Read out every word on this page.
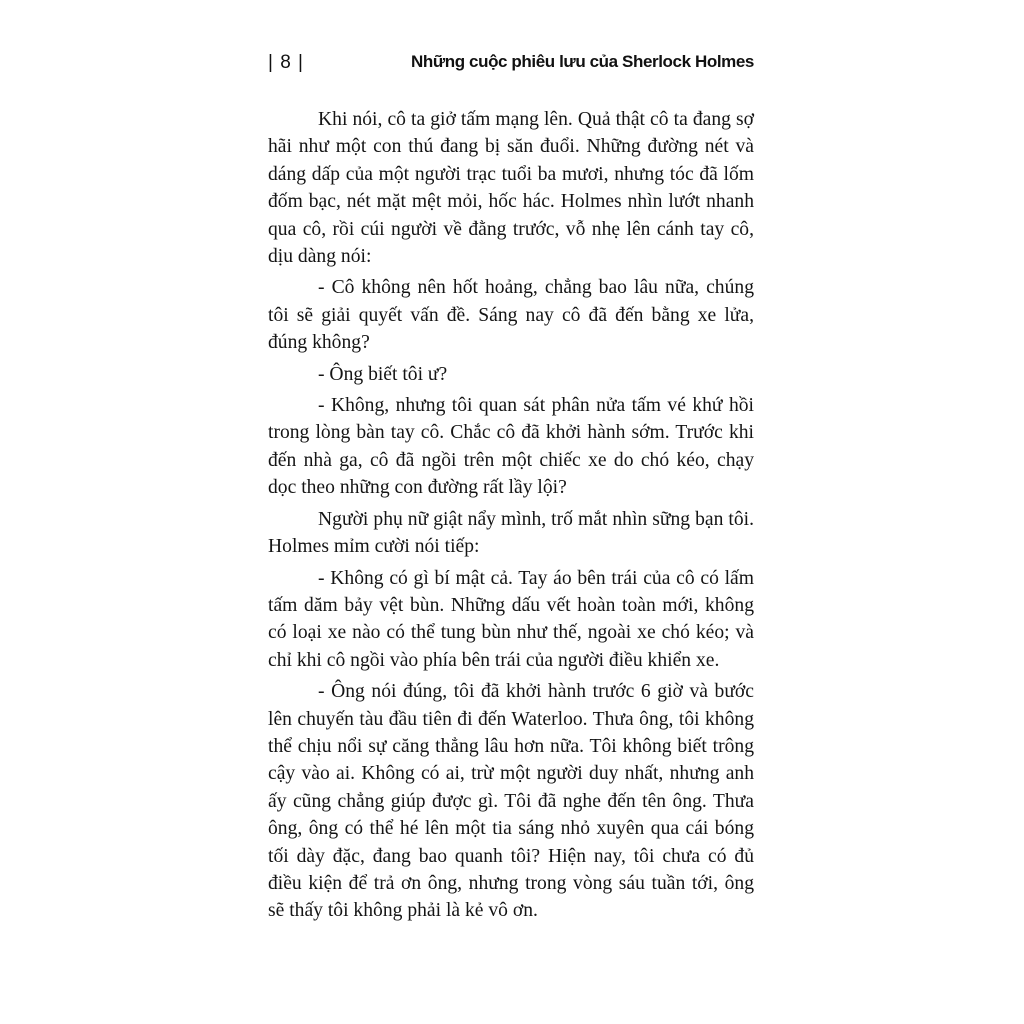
| 8 |	Những cuộc phiêu lưu của Sherlock Holmes

Khi nói, cô ta giở tấm mạng lên. Quả thật cô ta đang sợ hãi như một con thú đang bị săn đuổi. Những đường nét và dáng dấp của một người trạc tuổi ba mươi, nhưng tóc đã lốm đốm bạc, nét mặt mệt mỏi, hốc hác. Holmes nhìn lướt nhanh qua cô, rồi cúi người về đằng trước, vỗ nhẹ lên cánh tay cô, dịu dàng nói:

- Cô không nên hốt hoảng, chẳng bao lâu nữa, chúng tôi sẽ giải quyết vấn đề. Sáng nay cô đã đến bằng xe lửa, đúng không?

- Ông biết tôi ư?

- Không, nhưng tôi quan sát phân nửa tấm vé khứ hồi trong lòng bàn tay cô. Chắc cô đã khởi hành sớm. Trước khi đến nhà ga, cô đã ngồi trên một chiếc xe do chó kéo, chạy dọc theo những con đường rất lầy lội?

Người phụ nữ giật nẩy mình, trố mắt nhìn sững bạn tôi. Holmes mỉm cười nói tiếp:

- Không có gì bí mật cả. Tay áo bên trái của cô có lấm tấm dăm bảy vệt bùn. Những dấu vết hoàn toàn mới, không có loại xe nào có thể tung bùn như thế, ngoài xe chó kéo; và chỉ khi cô ngồi vào phía bên trái của người điều khiển xe.

- Ông nói đúng, tôi đã khởi hành trước 6 giờ và bước lên chuyến tàu đầu tiên đi đến Waterloo. Thưa ông, tôi không thể chịu nổi sự căng thẳng lâu hơn nữa. Tôi không biết trông cậy vào ai. Không có ai, trừ một người duy nhất, nhưng anh ấy cũng chẳng giúp được gì. Tôi đã nghe đến tên ông. Thưa ông, ông có thể hé lên một tia sáng nhỏ xuyên qua cái bóng tối dày đặc, đang bao quanh tôi? Hiện nay, tôi chưa có đủ điều kiện để trả ơn ông, nhưng trong vòng sáu tuần tới, ông sẽ thấy tôi không phải là kẻ vô ơn.
